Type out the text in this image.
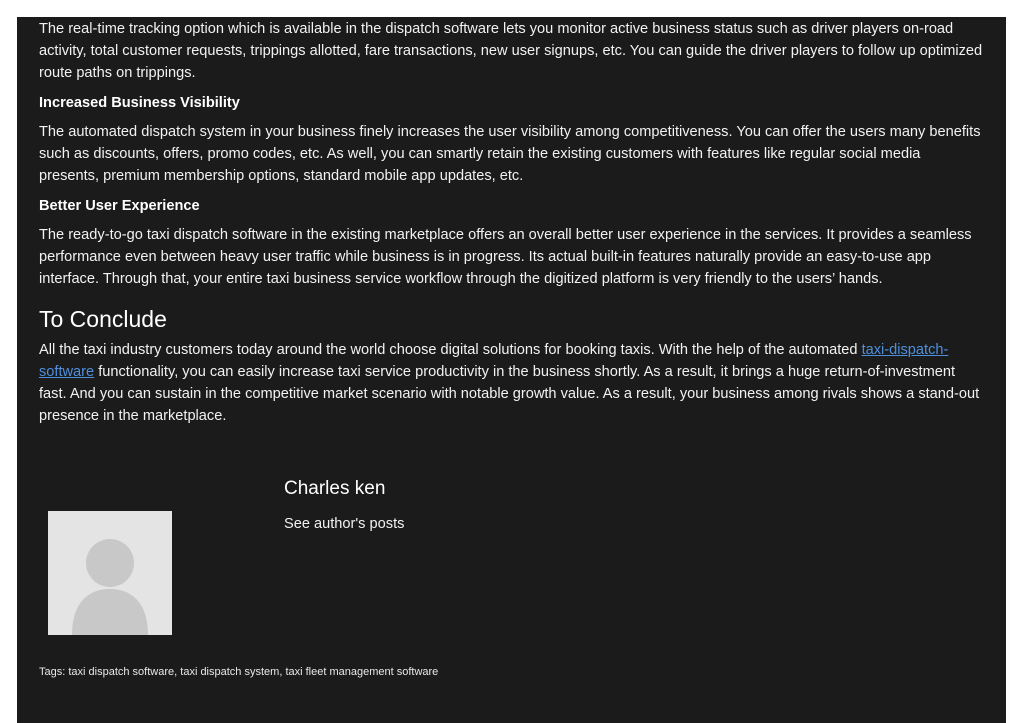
The real-time tracking option which is available in the dispatch software lets you monitor active business status such as driver players on-road activity, total customer requests, trippings allotted, fare transactions, new user signups, etc. You can guide the driver players to follow up optimized route paths on trippings.

Increased Business Visibility

The automated dispatch system in your business finely increases the user visibility among competitiveness. You can offer the users many benefits such as discounts, offers, promo codes, etc. As well, you can smartly retain the existing customers with features like regular social media presents, premium membership options, standard mobile app updates, etc.

Better User Experience

The ready-to-go taxi dispatch software in the existing marketplace offers an overall better user experience in the services. It provides a seamless performance even between heavy user traffic while business is in progress. Its actual built-in features naturally provide an easy-to-use app interface. Through that, your entire taxi business service workflow through the digitized platform is very friendly to the users’ hands.

To Conclude

All the taxi industry customers today around the world choose digital solutions for booking taxis. With the help of the automated taxi-dispatch-software functionality, you can easily increase taxi service productivity in the business shortly. As a result, it brings a huge return-of-investment fast. And you can sustain in the competitive market scenario with notable growth value. As a result, your business among rivals shows a stand-out presence in the marketplace.

Charles ken
See author's posts
Tags: taxi dispatch software, taxi dispatch system, taxi fleet management software
